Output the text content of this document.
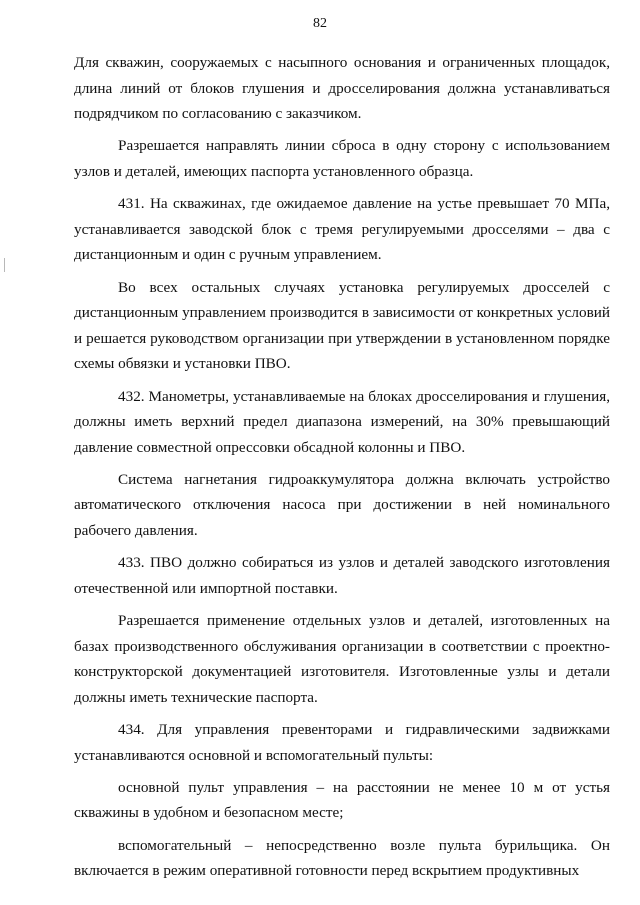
82

Для скважин, сооружаемых с насыпного основания и ограниченных площадок, длина линий от блоков глушения и дросселирования должна устанавливаться подрядчиком по согласованию с заказчиком.

Разрешается направлять линии сброса в одну сторону с использованием узлов и деталей, имеющих паспорта установленного образца.

431. На скважинах, где ожидаемое давление на устье превышает 70 МПа, устанавливается заводской блок с тремя регулируемыми дросселями – два с дистанционным и один с ручным управлением.

Во всех остальных случаях установка регулируемых дросселей с дистанционным управлением производится в зависимости от конкретных условий и решается руководством организации при утверждении в установленном порядке схемы обвязки и установки ПВО.

432. Манометры, устанавливаемые на блоках дросселирования и глушения, должны иметь верхний предел диапазона измерений, на 30% превышающий давление совместной опрессовки обсадной колонны и ПВО.

Система нагнетания гидроаккумулятора должна включать устройство автоматического отключения насоса при достижении в ней номинального рабочего давления.

433. ПВО должно собираться из узлов и деталей заводского изготовления отечественной или импортной поставки.

Разрешается применение отдельных узлов и деталей, изготовленных на базах производственного обслуживания организации в соответствии с проектно-конструкторской документацией изготовителя. Изготовленные узлы и детали должны иметь технические паспорта.

434. Для управления превенторами и гидравлическими задвижками устанавливаются основной и вспомогательный пульты:

основной пульт управления – на расстоянии не менее 10 м от устья скважины в удобном и безопасном месте;

вспомогательный – непосредственно возле пульта бурильщика. Он включается в режим оперативной готовности перед вскрытием продуктивных
